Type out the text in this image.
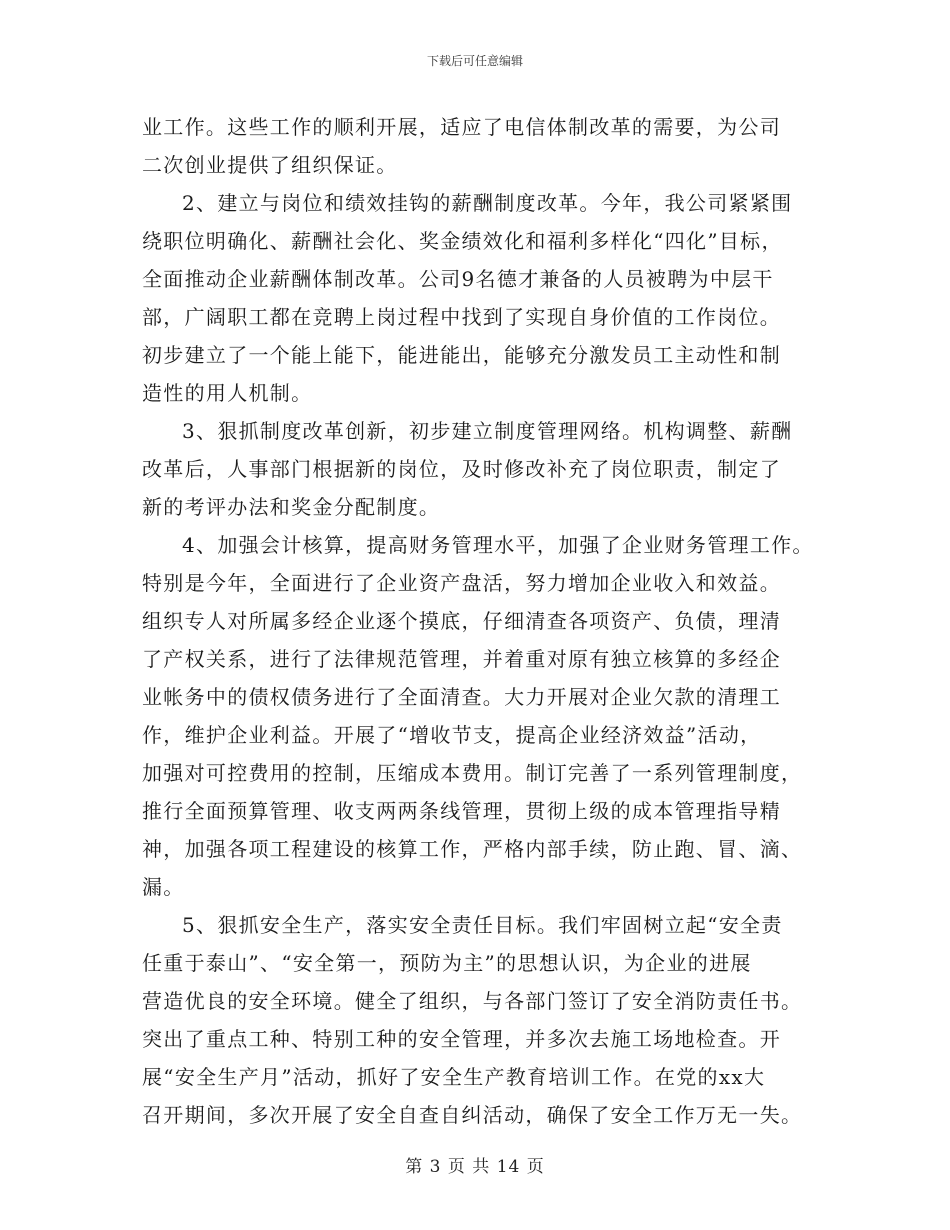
下载后可任意编辑
业工作。这些工作的顺利开展，适应了电信体制改革的需要，为公司
二次创业提供了组织保证。
2、建立与岗位和绩效挂钩的薪酬制度改革。今年，我公司紧紧围
绕职位明确化、薪酬社会化、奖金绩效化和福利多样化“四化”目标，
全面推动企业薪酬体制改革。公司9名德才兼备的人员被聘为中层干
部，广阔职工都在竞聘上岗过程中找到了实现自身价值的工作岗位。
初步建立了一个能上能下，能进能出，能够充分激发员工主动性和制
造性的用人机制。
3、狠抓制度改革创新，初步建立制度管理网络。机构调整、薪酬
改革后，人事部门根据新的岗位，及时修改补充了岗位职责，制定了
新的考评办法和奖金分配制度。
4、加强会计核算，提高财务管理水平，加强了企业财务管理工作。
特别是今年，全面进行了企业资产盘活，努力增加企业收入和效益。
组织专人对所属多经企业逐个摸底，仔细清查各项资产、负债，理清
了产权关系，进行了法律规范管理，并着重对原有独立核算的多经企
业帐务中的债权债务进行了全面清查。大力开展对企业欠款的清理工
作，维护企业利益。开展了“增收节支，提高企业经济效益”活动，
加强对可控费用的控制，压缩成本费用。制订完善了一系列管理制度，
推行全面预算管理、收支两两条线管理，贯彻上级的成本管理指导精
神，加强各项工程建设的核算工作，严格内部手续，防止跑、冒、滴、
漏。
5、狠抓安全生产，落实安全责任目标。我们牢固树立起“安全责
任重于泰山”、“安全第一，预防为主”的思想认识，为企业的进展
营造优良的安全环境。健全了组织，与各部门签订了安全消防责任书。
突出了重点工种、特别工种的安全管理，并多次去施工场地检查。开
展“安全生产月”活动，抓好了安全生产教育培训工作。在党的xx大
召开期间，多次开展了安全自查自纠活动，确保了安全工作万无一失。
第 3 页 共 14 页
